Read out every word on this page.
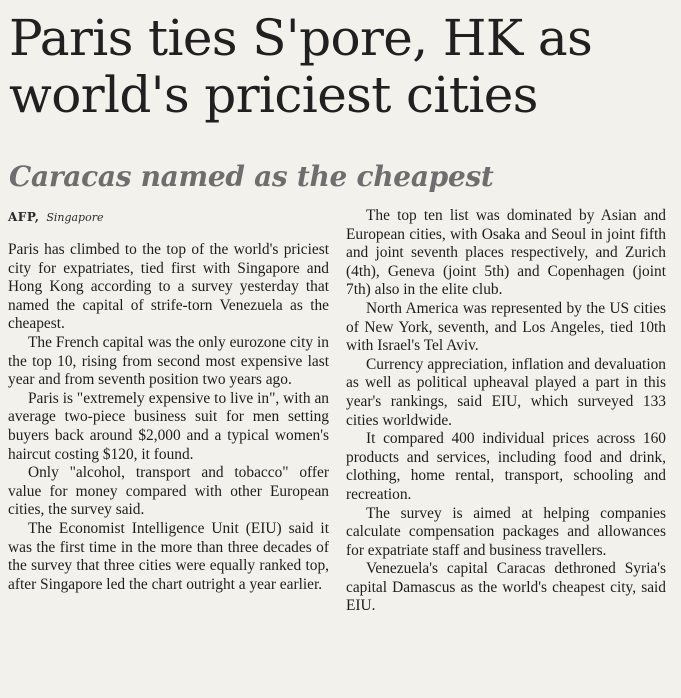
Paris ties S'pore, HK as world's priciest cities
Caracas named as the cheapest
AFP, Singapore

Paris has climbed to the top of the world's priciest city for expatriates, tied first with Singapore and Hong Kong according to a survey yesterday that named the capital of strife-torn Venezuela as the cheapest.

The French capital was the only eurozone city in the top 10, rising from second most expensive last year and from seventh position two years ago.

Paris is "extremely expensive to live in", with an average two-piece business suit for men setting buyers back around $2,000 and a typical women's haircut costing $120, it found.

Only "alcohol, transport and tobacco" offer value for money compared with other European cities, the survey said.

The Economist Intelligence Unit (EIU) said it was the first time in the more than three decades of the survey that three cities were equally ranked top, after Singapore led the chart outright a year earlier.

The top ten list was dominated by Asian and European cities, with Osaka and Seoul in joint fifth and joint seventh places respectively, and Zurich (4th), Geneva (joint 5th) and Copenhagen (joint 7th) also in the elite club.

North America was represented by the US cities of New York, seventh, and Los Angeles, tied 10th with Israel's Tel Aviv.

Currency appreciation, inflation and devaluation as well as political upheaval played a part in this year's rankings, said EIU, which surveyed 133 cities worldwide.

It compared 400 individual prices across 160 products and services, including food and drink, clothing, home rental, transport, schooling and recreation.

The survey is aimed at helping companies calculate compensation packages and allowances for expatriate staff and business travellers.

Venezuela's capital Caracas dethroned Syria's capital Damascus as the world's cheapest city, said EIU.
